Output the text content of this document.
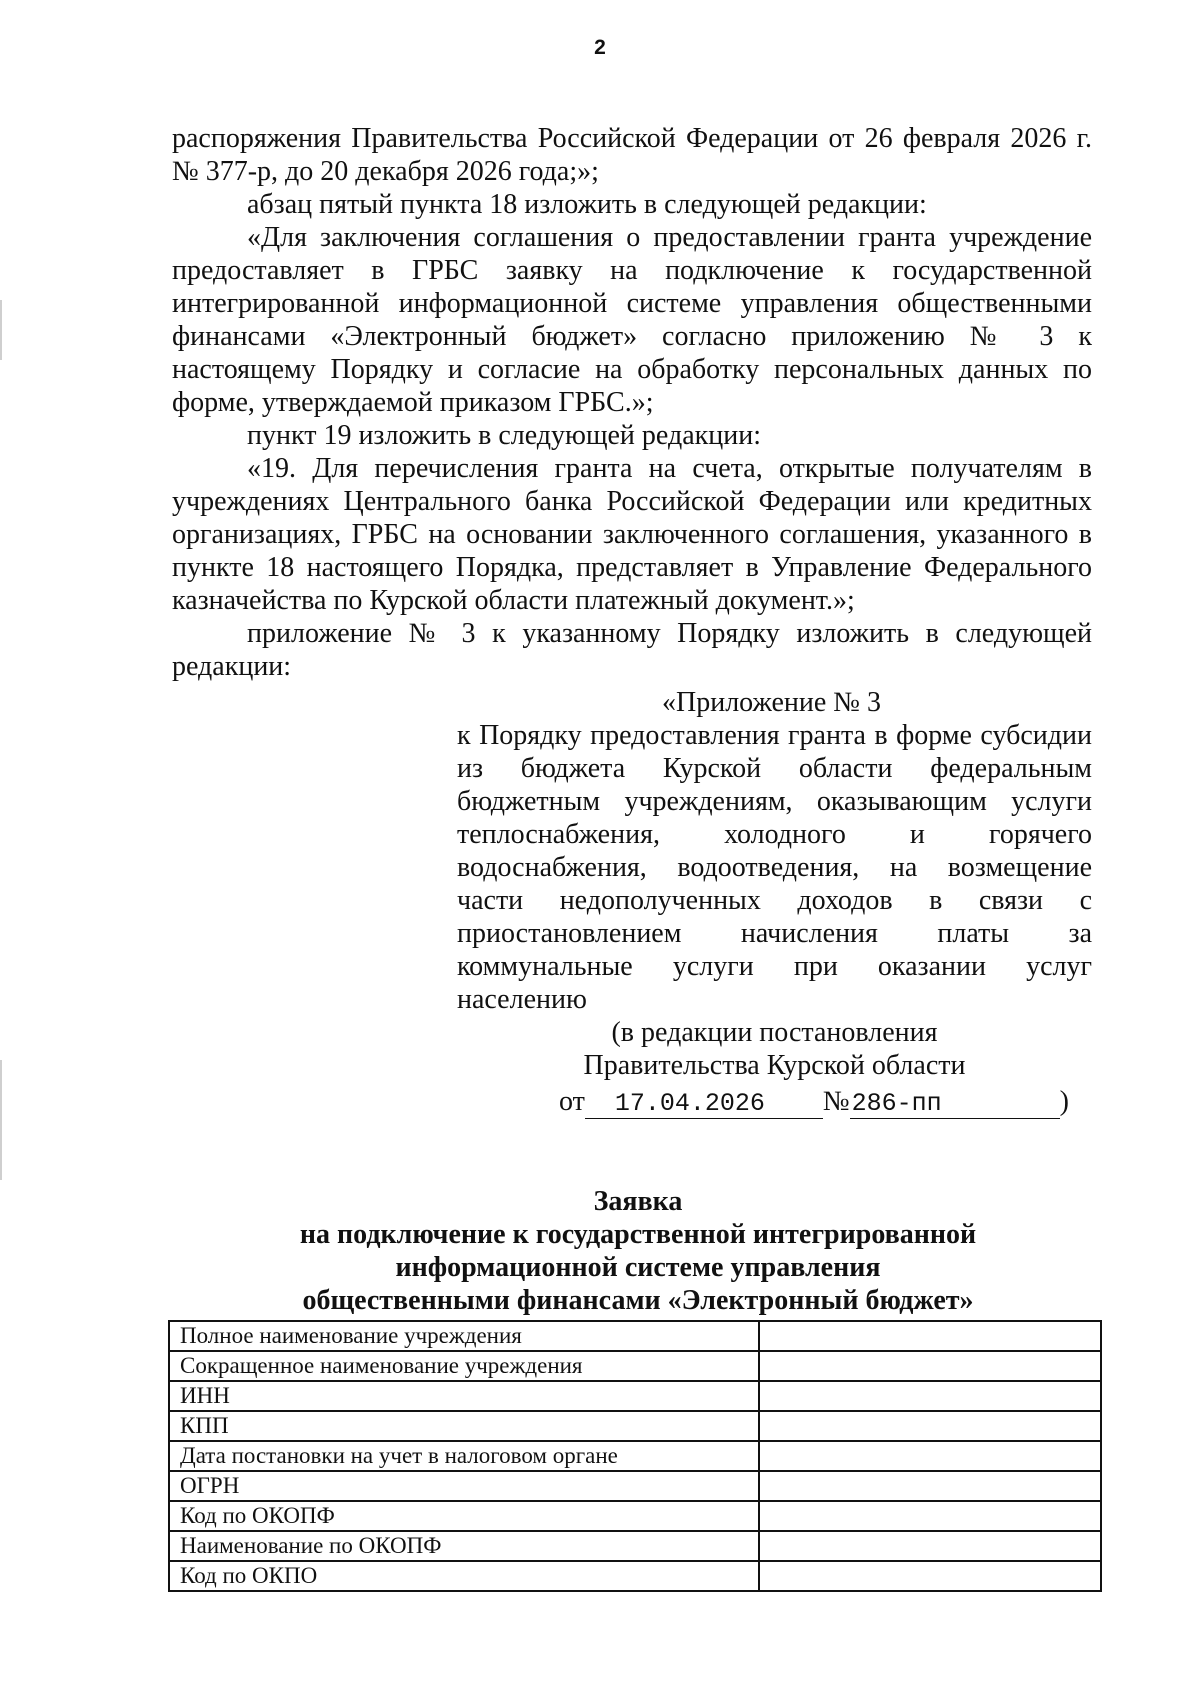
2

распоряжения Правительства Российской Федерации от 26 февраля 2026 г. № 377-р, до 20 декабря 2026 года;»;

абзац пятый пункта 18 изложить в следующей редакции:

«Для заключения соглашения о предоставлении гранта учреждение предоставляет в ГРБС заявку на подключение к государственной интегрированной информационной системе управления общественными финансами «Электронный бюджет» согласно приложению № 3 к настоящему Порядку и согласие на обработку персональных данных по форме, утверждаемой приказом ГРБС.»;

пункт 19 изложить в следующей редакции:

«19. Для перечисления гранта на счета, открытые получателям в учреждениях Центрального банка Российской Федерации или кредитных организациях, ГРБС на основании заключенного соглашения, указанного в пункте 18 настоящего Порядка, представляет в Управление Федерального казначейства по Курской области платежный документ.»;

приложение № 3 к указанному Порядку изложить в следующей редакции:

«Приложение № 3

к Порядку предоставления гранта в форме субсидии из бюджета Курской области федеральным бюджетным учреждениям, оказывающим услуги теплоснабжения, холодного и горячего водоснабжения, водоотведения, на возмещение части недополученных доходов в связи с приостановлением начисления платы за коммунальные услуги при оказании услуг населению

(в редакции постановления

Правительства Курской области

от 17.04.2026 №286-пп	)
Заявка
на подключение к государственной интегрированной
информационной системе управления
общественными финансами «Электронный бюджет»
Полное наименование учреждения	
Сокращенное наименование учреждения	
ИНН	
КПП	
Дата постановки на учет в налоговом органе	
ОГРН	
Код по ОКОПФ	
Наименование по ОКОПФ	
Код по ОКПО	
